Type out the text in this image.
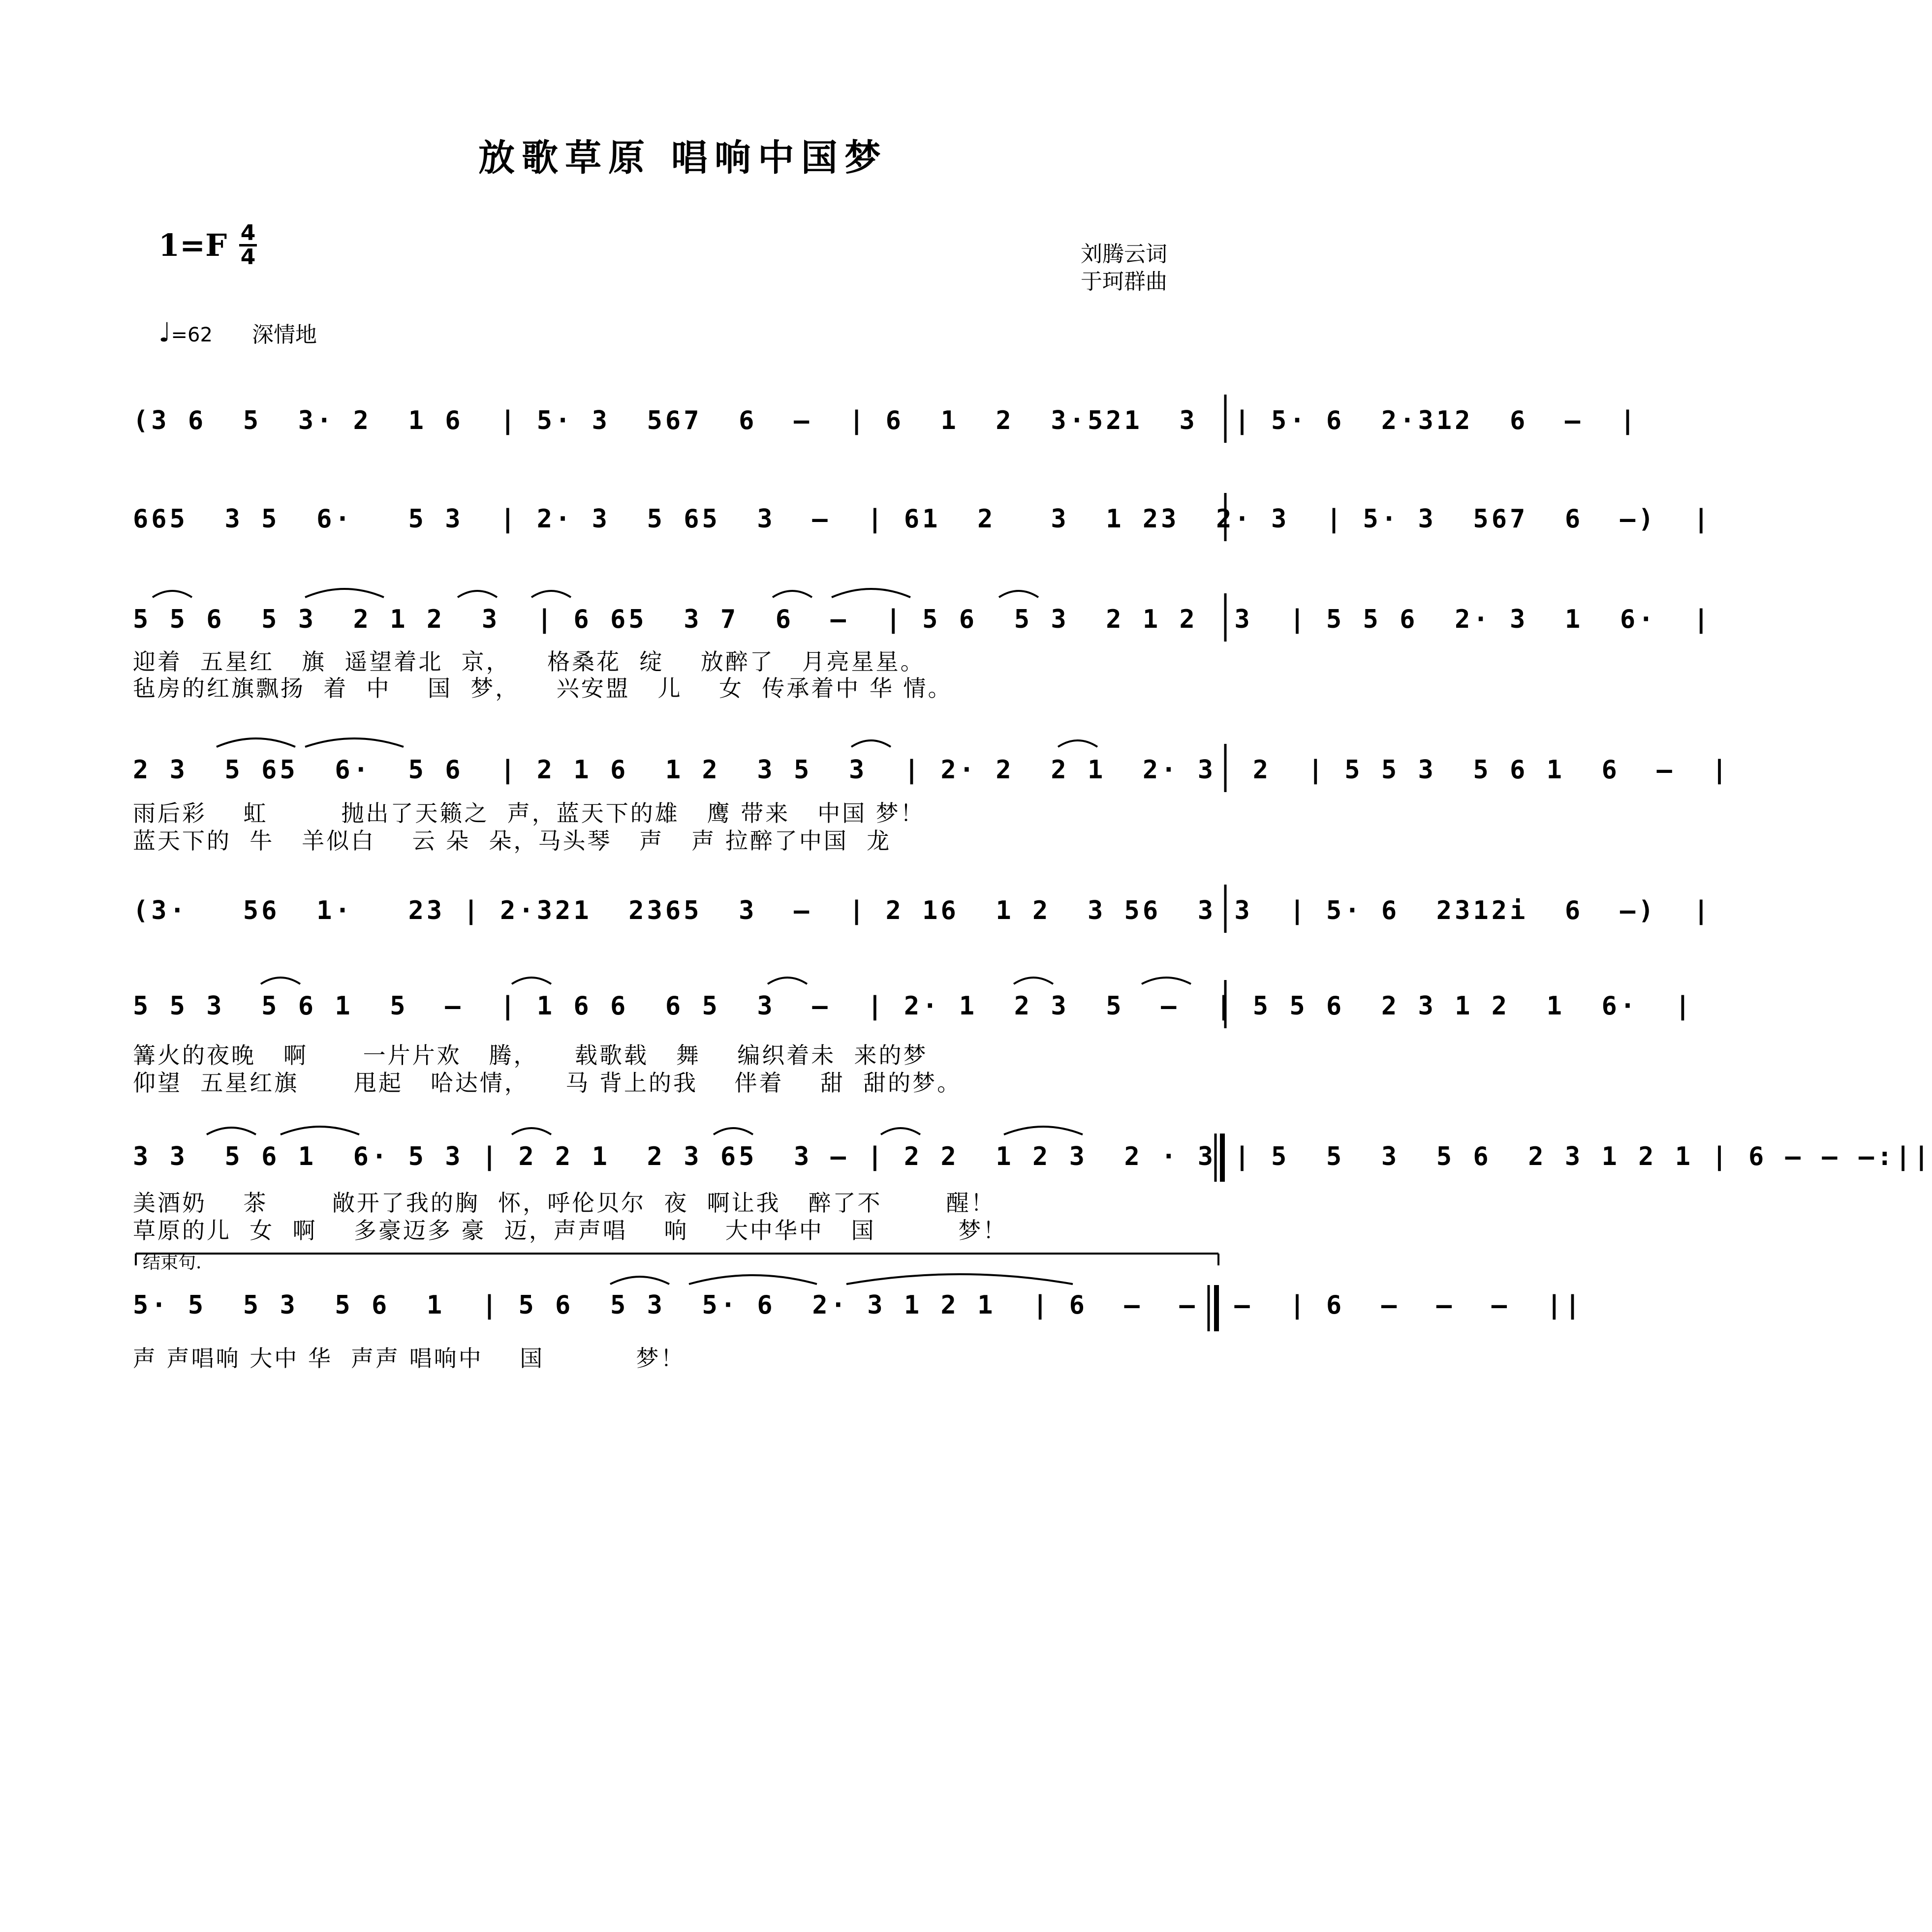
放歌草原 唱响中国梦
1=F 4
4	刘腾云词
于珂群曲
♩=62 深情地
(3 6  5  3· 2  1 6  | 5· 3  567  6  –  | 6  1  2  3·521  3  | 5· 6  2·312  6  –  |
665  3 5  6·   5 3  | 2· 3  5 65  3  –  | 61  2   3  1 23  2· 3  | 5· 3  567  6  –)  |
5 5 6  5 3  2 1 2  3  | 6 65  3 7  6  –  | 5 6  5 3  2 1 2  3  | 5 5 6  2· 3  1  6·  |
迎着  五星红   旗  遥望着北  京，    格桑花  绽    放醉了   月亮星星。
毡房的红旗飘扬  着  中    国  梦，    兴安盟   儿    女  传承着中 华 情。
2 3  5 65  6·  5 6  | 2 1 6  1 2  3 5  3  | 2· 2  2 1  2· 3  2  | 5 5 3  5 6 1  6  –  |
雨后彩    虹        抛出了天籁之  声，蓝天下的雄   鹰 带来   中国 梦！
蓝天下的  牛   羊似白    云 朵  朵，马头琴   声   声 拉醉了中国  龙
(3·   56  1·   23 | 2·321  2365  3  –  | 2 16  1 2  3 56  3 3  | 5· 6  2312i  6  –)  |
5 5 3  5 6 1  5  –  | 1 6 6  6 5  3  –  | 2· 1  2 3  5  –  | 5 5 6  2 3 1 2  1  6·  |
篝火的夜晚   啊      一片片欢   腾，    载歌载   舞    编织着未  来的梦
仰望  五星红旗      甩起   哈达情，    马 背上的我    伴着    甜  甜的梦。
3 3  5 6 1  6· 5 3 | 2 2 1  2 3 65  3 – | 2 2  1 2 3  2 · 3 | 5  5  3  5 6  2 3 1 2 1 | 6 – – –:||
美酒奶    茶       敞开了我的胸  怀，呼伦贝尔  夜  啊让我   醉了不       醒！
草原的儿  女  啊    多豪迈多 豪  迈，声声唱    响    大中华中   国         梦！
结束句.
5· 5  5 3  5 6  1  | 5 6  5 3  5· 6  2· 3 1 2 1  | 6  –  –  –  | 6  –  –  –  ||
声 声唱响 大中 华  声声 唱响中    国          梦！
